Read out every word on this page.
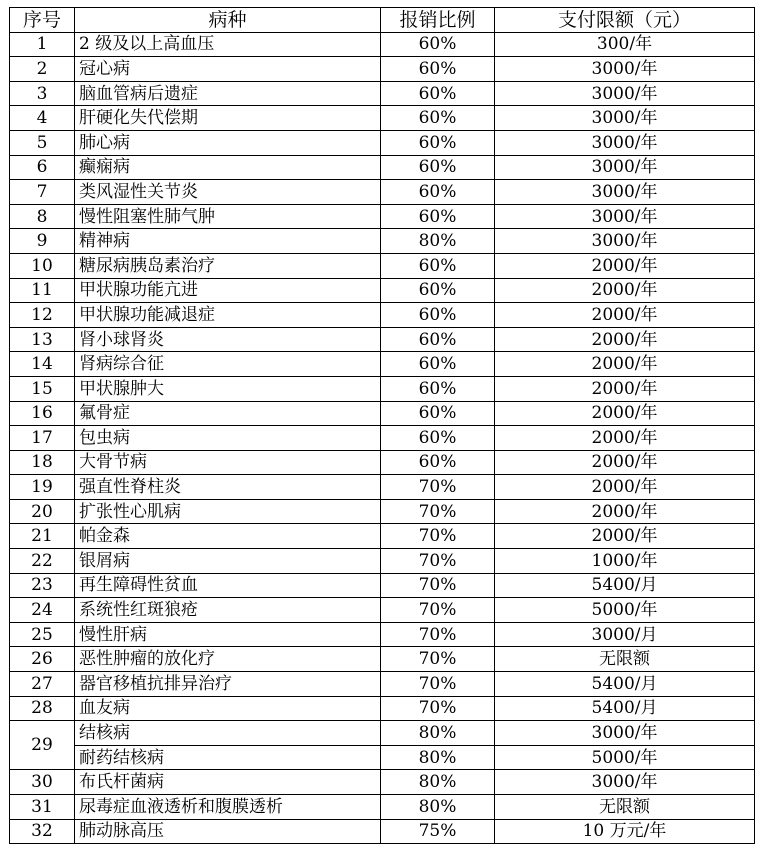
序号	病种	报销比例	支付限额（元）
1	2 级及以上高血压	60%	300/年
2	冠心病	60%	3000/年
3	脑血管病后遗症	60%	3000/年
4	肝硬化失代偿期	60%	3000/年
5	肺心病	60%	3000/年
6	癫痫病	60%	3000/年
7	类风湿性关节炎	60%	3000/年
8	慢性阻塞性肺气肿	60%	3000/年
9	精神病	80%	3000/年
10	糖尿病胰岛素治疗	60%	2000/年
11	甲状腺功能亢进	60%	2000/年
12	甲状腺功能减退症	60%	2000/年
13	肾小球肾炎	60%	2000/年
14	肾病综合征	60%	2000/年
15	甲状腺肿大	60%	2000/年
16	氟骨症	60%	2000/年
17	包虫病	60%	2000/年
18	大骨节病	60%	2000/年
19	强直性脊柱炎	70%	2000/年
20	扩张性心肌病	70%	2000/年
21	帕金森	70%	2000/年
22	银屑病	70%	1000/年
23	再生障碍性贫血	70%	5400/月
24	系统性红斑狼疮	70%	5000/年
25	慢性肝病	70%	3000/月
26	恶性肿瘤的放化疗	70%	无限额
27	器官移植抗排异治疗	70%	5400/月
28	血友病	70%	5400/月
29	结核病	80%	3000/年
	耐药结核病	80%	5000/年
30	布氏杆菌病	80%	3000/年
31	尿毒症血液透析和腹膜透析	80%	无限额
32	肺动脉高压	75%	10 万元/年
